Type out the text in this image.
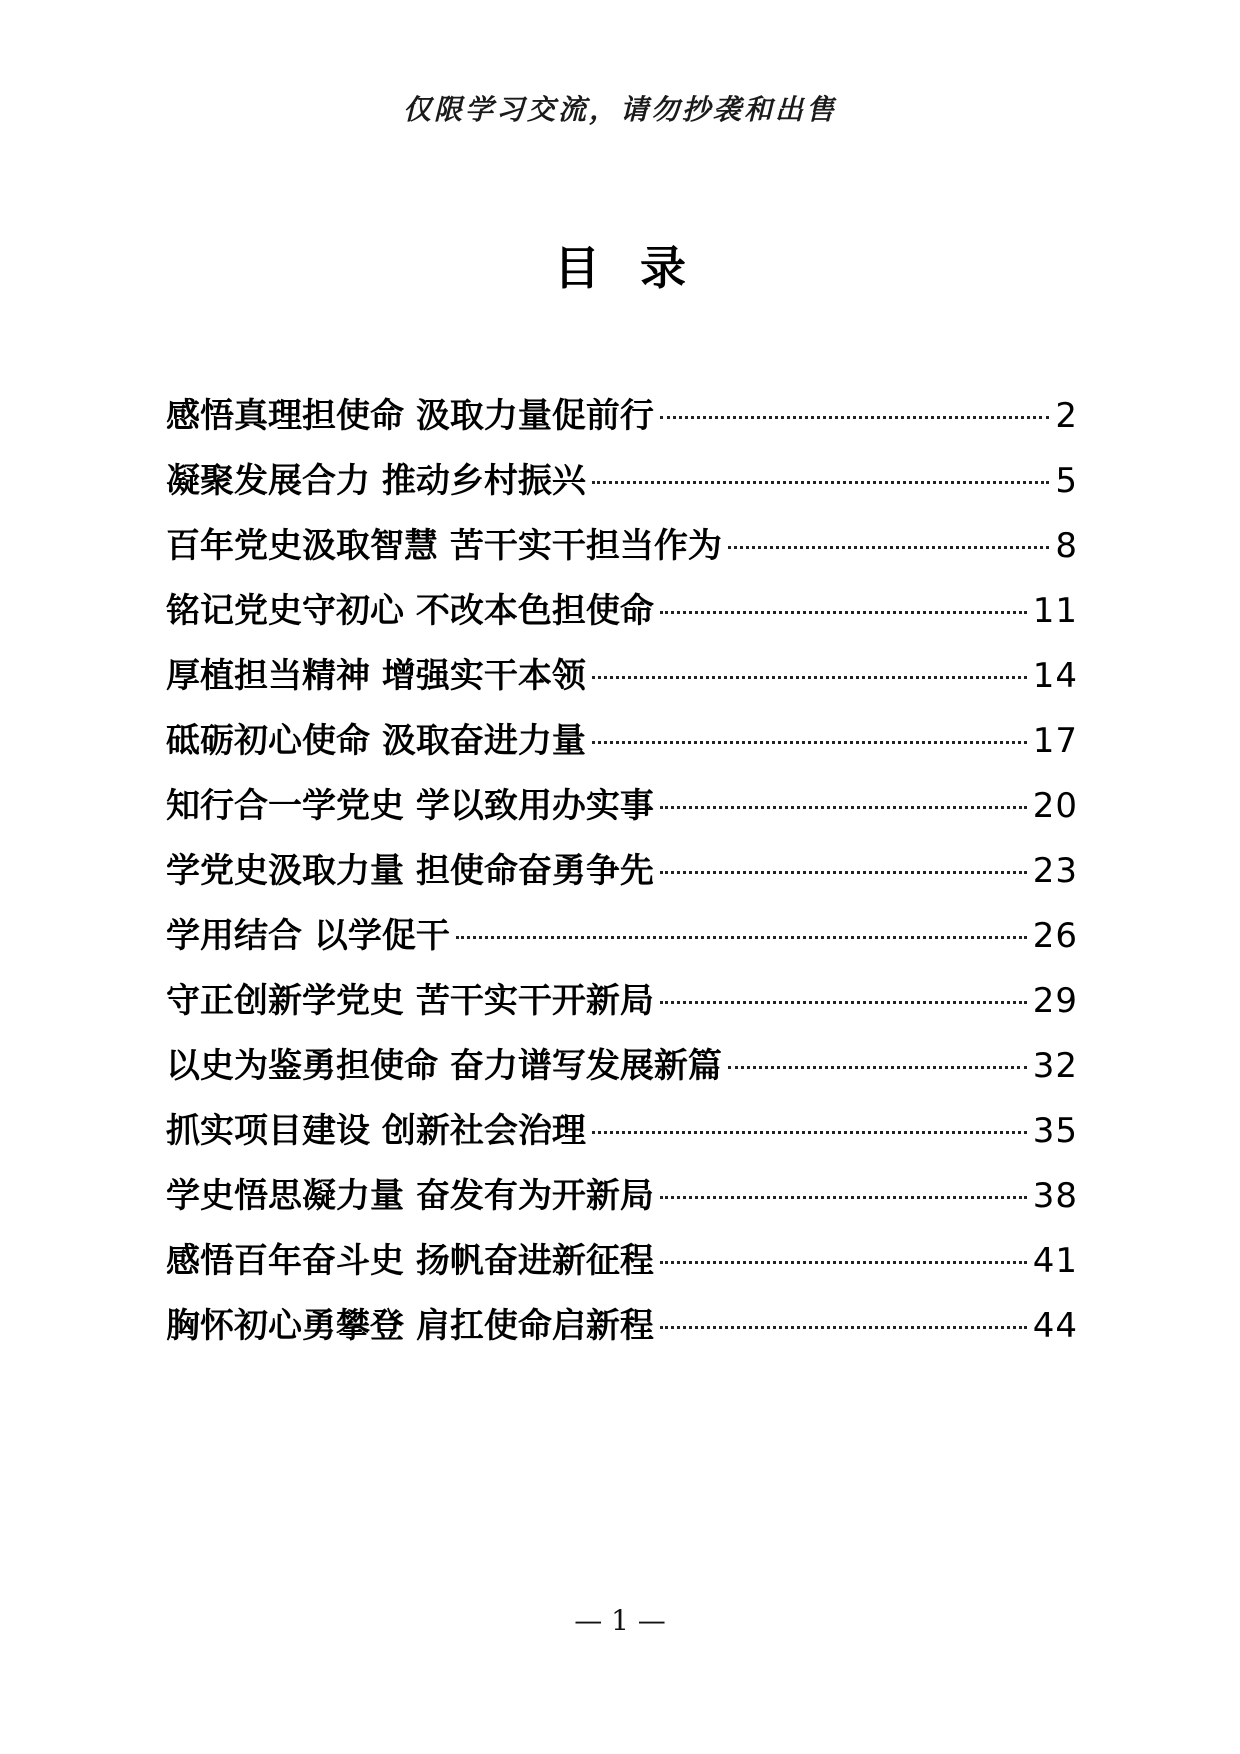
仅限学习交流，请勿抄袭和出售
目录
感悟真理担使命 汲取力量促前行	2
凝聚发展合力 推动乡村振兴	5
百年党史汲取智慧 苦干实干担当作为	8
铭记党史守初心 不改本色担使命	11
厚植担当精神 增强实干本领	14
砥砺初心使命 汲取奋进力量	17
知行合一学党史 学以致用办实事	20
学党史汲取力量 担使命奋勇争先	23
学用结合 以学促干	26
守正创新学党史 苦干实干开新局	29
以史为鉴勇担使命 奋力谱写发展新篇	32
抓实项目建设 创新社会治理	35
学史悟思凝力量 奋发有为开新局	38
感悟百年奋斗史 扬帆奋进新征程	41
胸怀初心勇攀登 肩扛使命启新程	44
— 1 —
